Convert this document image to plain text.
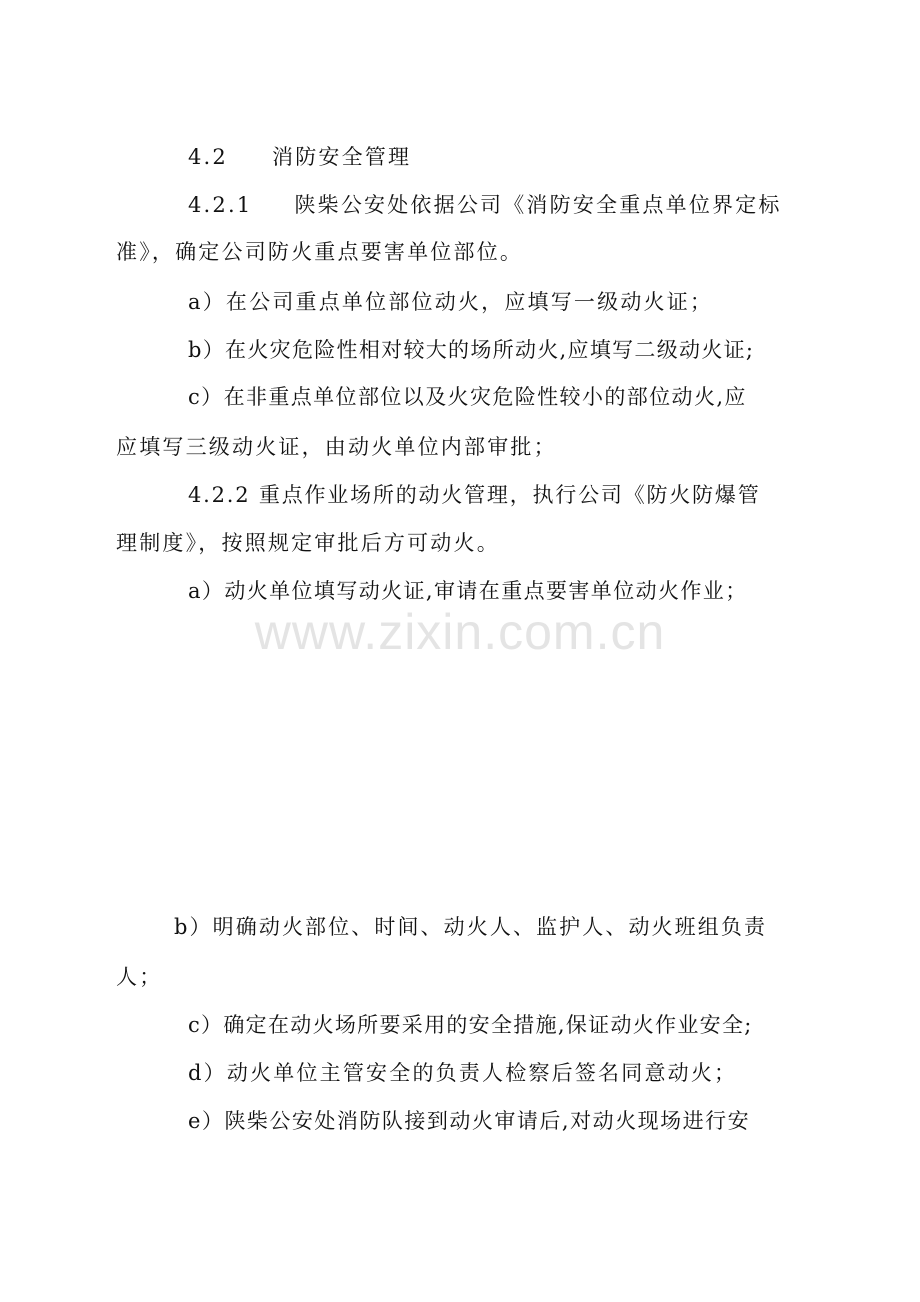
4.2 消防安全管理
4.2.1 陕柴公安处依据公司《消防安全重点单位界定标
准》，确定公司防火重点要害单位部位。
a）在公司重点单位部位动火，应填写一级动火证；
b）在火灾危险性相对较大的场所动火,应填写二级动火证;
c）在非重点单位部位以及火灾危险性较小的部位动火,应
应填写三级动火证，由动火单位内部审批；
4.2.2 重点作业场所的动火管理，执行公司《防火防爆管
理制度》，按照规定审批后方可动火。
a）动火单位填写动火证,审请在重点要害单位动火作业；
www.zixin.com.cn
b）明确动火部位、时间、动火人、监护人、动火班组负责
人；
c）确定在动火场所要采用的安全措施,保证动火作业安全;
d）动火单位主管安全的负责人检察后签名同意动火；
e）陕柴公安处消防队接到动火审请后,对动火现场进行安
